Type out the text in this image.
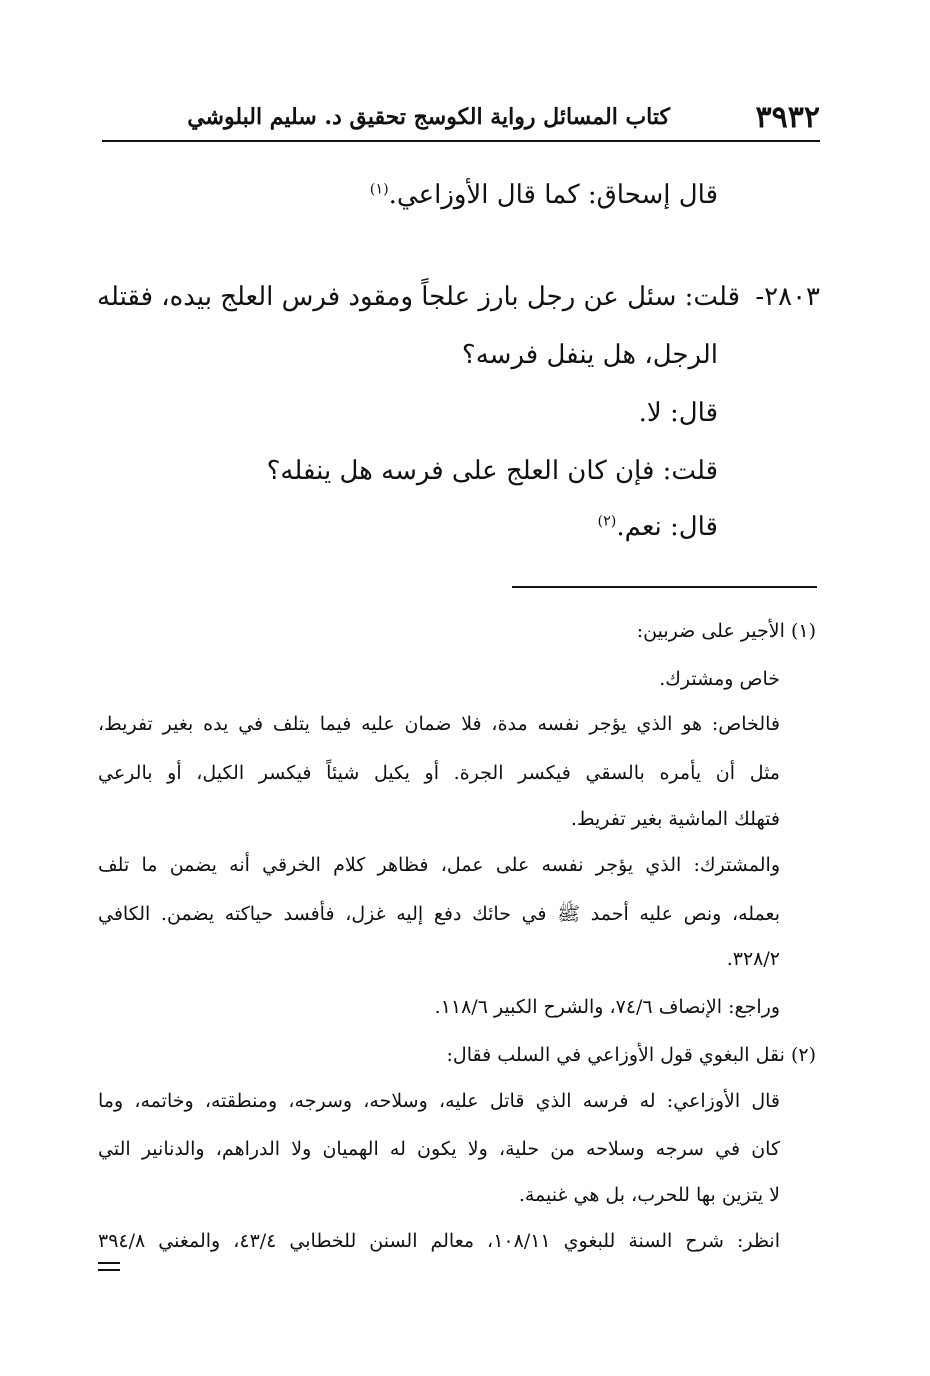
٣٩٣٢
كتاب المسائل رواية الكوسج تحقيق د. سليم البلوشي
قال إسحاق: كما قال الأوزاعي.$^{(١)}$
٢٨٠٣-
قلت: سئل عن رجل بارز علجاً ومقود فرس العلج بيده، فقتله
الرجل، هل ينفل فرسه؟
قال: لا.
قلت: فإن كان العلج على فرسه هل ينفله؟
قال: نعم.$^{(٢)}$
(١) الأجير على ضربين:
خاص ومشترك.
فالخاص: هو الذي يؤجر نفسه مدة، فلا ضمان عليه فيما يتلف في يده بغير تفريط،
مثل أن يأمره بالسقي فيكسر الجرة. أو يكيل شيئاً فيكسر الكيل، أو بالرعي
فتهلك الماشية بغير تفريط.
والمشترك: الذي يؤجر نفسه على عمل، فظاهر كلام الخرقي أنه يضمن ما تلف
بعمله، ونص عليه أحمد ﷺ في حائك دفع إليه غزل، فأفسد حياكته يضمن. الكافي
٣٢٨/٢.
وراجع: الإنصاف ٧٤/٦، والشرح الكبير ١١٨/٦.
(٢) نقل البغوي قول الأوزاعي في السلب فقال:
قال الأوزاعي: له فرسه الذي قاتل عليه، وسلاحه، وسرجه، ومنطقته، وخاتمه، وما
كان في سرجه وسلاحه من حلية، ولا يكون له الهميان ولا الدراهم، والدنانير التي
لا يتزين بها للحرب، بل هي غنيمة.
انظر: شرح السنة للبغوي ١٠٨/١١، معالم السنن للخطابي ٤٣/٤، والمغني ٣٩٤/٨
